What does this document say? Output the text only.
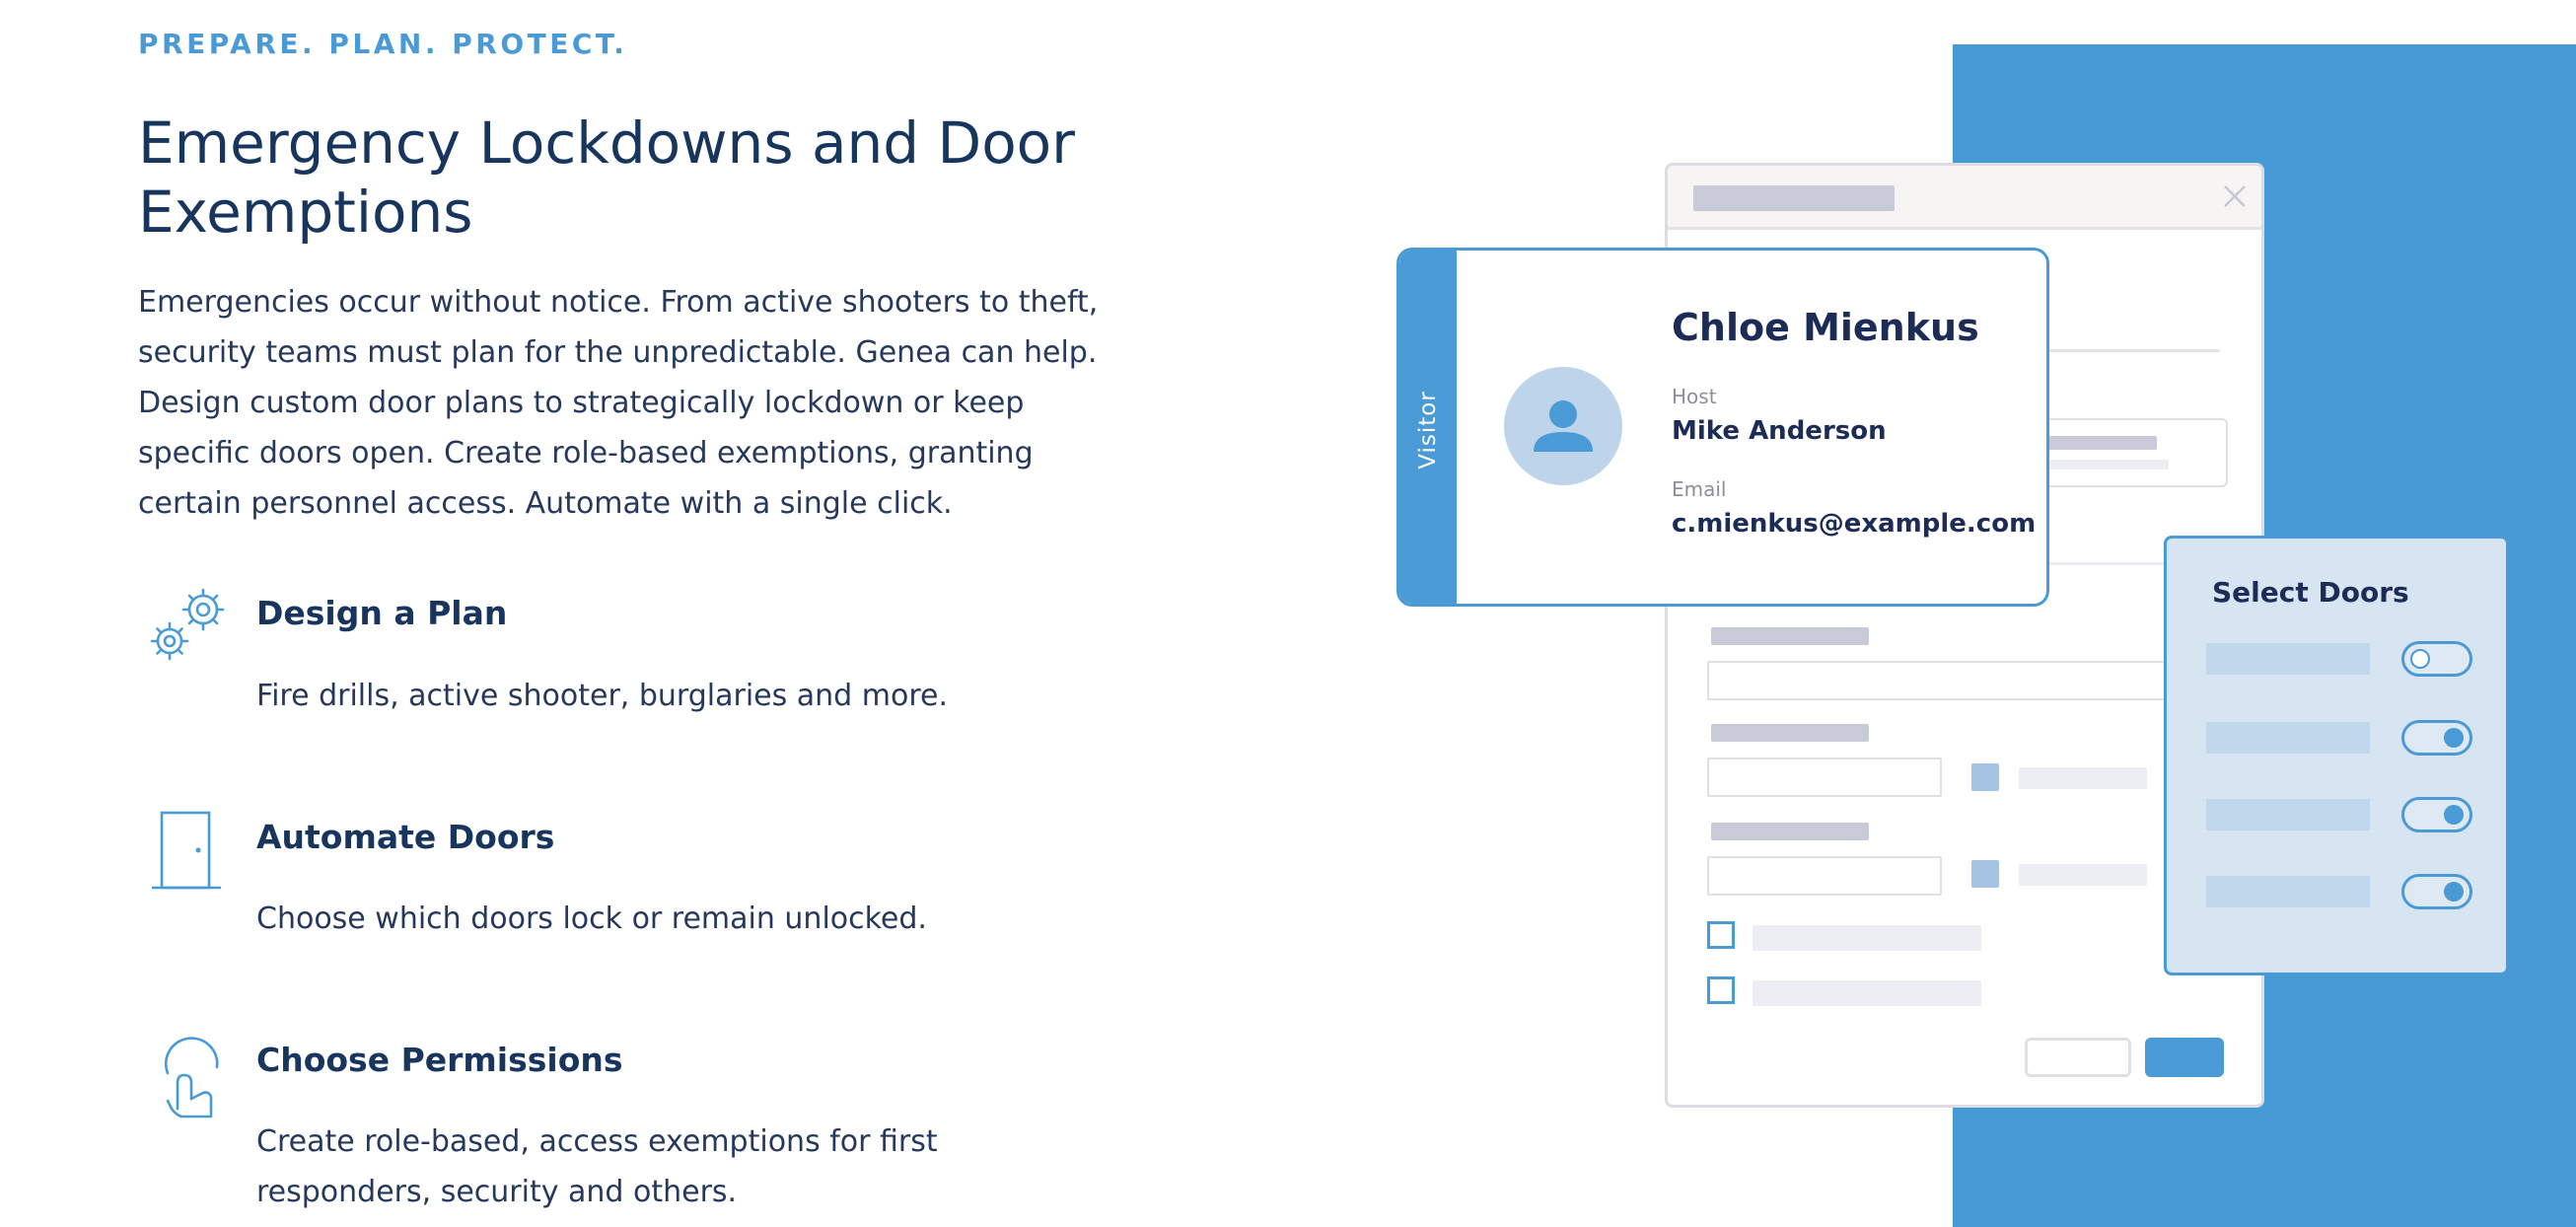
PREPARE. PLAN. PROTECT.
Emergency Lockdowns and Door Exemptions

Emergencies occur without notice. From active shooters to theft, security teams must plan for the unpredictable. Genea can help. Design custom door plans to strategically lockdown or keep specific doors open. Create role-based exemptions, granting certain personnel access. Automate with a single click.

Design a Plan
Fire drills, active shooter, burglaries and more.
Automate Doors
Choose which doors lock or remain unlocked.
Choose Permissions
Create role-based, access exemptions for first responders, security and others.
Visitor
Chloe Mienkus
Host
Mike Anderson
Email
c.mienkus@example.com
Select Doors
